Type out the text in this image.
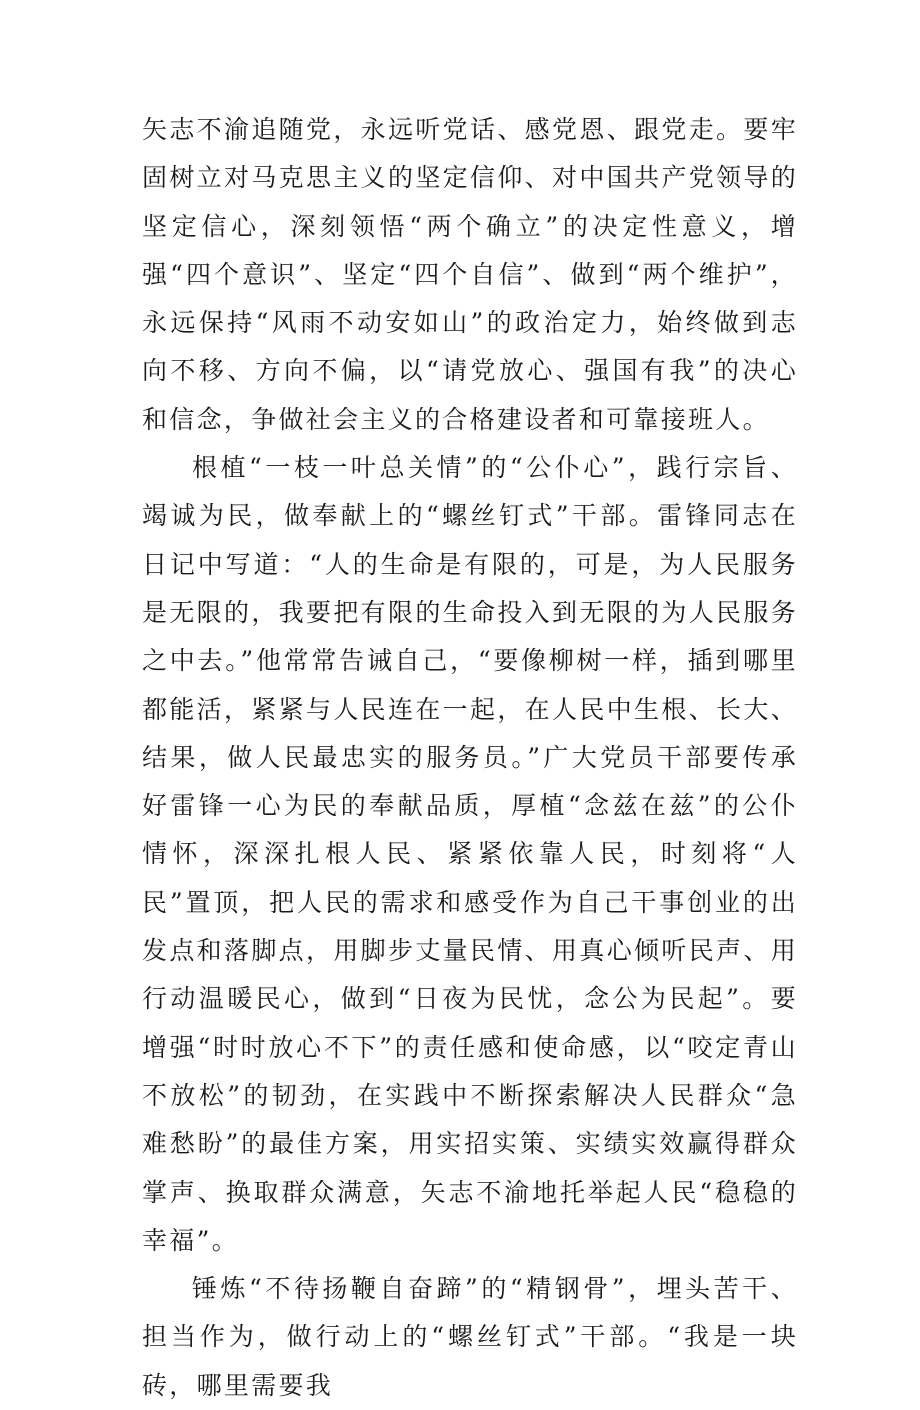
矢志不渝追随党，永远听党话、感党恩、跟党走。要牢固树立对马克思主义的坚定信仰、对中国共产党领导的坚定信心，深刻领悟“两个确立”的决定性意义，增强“四个意识”、坚定“四个自信”、做到“两个维护”，永远保持“风雨不动安如山”的政治定力，始终做到志向不移、方向不偏，以“请党放心、强国有我”的决心和信念，争做社会主义的合格建设者和可靠接班人。

根植“一枝一叶总关情”的“公仆心”，践行宗旨、竭诚为民，做奉献上的“螺丝钉式”干部。雷锋同志在日记中写道：“人的生命是有限的，可是，为人民服务是无限的，我要把有限的生命投入到无限的为人民服务之中去。”他常常告诫自己，“要像柳树一样，插到哪里都能活，紧紧与人民连在一起，在人民中生根、长大、结果，做人民最忠实的服务员。”广大党员干部要传承好雷锋一心为民的奉献品质，厚植“念兹在兹”的公仆情怀，深深扎根人民、紧紧依靠人民，时刻将“人民”置顶，把人民的需求和感受作为自己干事创业的出发点和落脚点，用脚步丈量民情、用真心倾听民声、用行动温暖民心，做到“日夜为民忧，念公为民起”。要增强“时时放心不下”的责任感和使命感，以“咬定青山不放松”的韧劲，在实践中不断探索解决人民群众“急难愁盼”的最佳方案，用实招实策、实绩实效赢得群众掌声、换取群众满意，矢志不渝地托举起人民“稳稳的幸福”。

锤炼“不待扬鞭自奋蹄”的“精钢骨”，埋头苦干、担当作为，做行动上的“螺丝钉式”干部。“我是一块砖，哪里需要我
